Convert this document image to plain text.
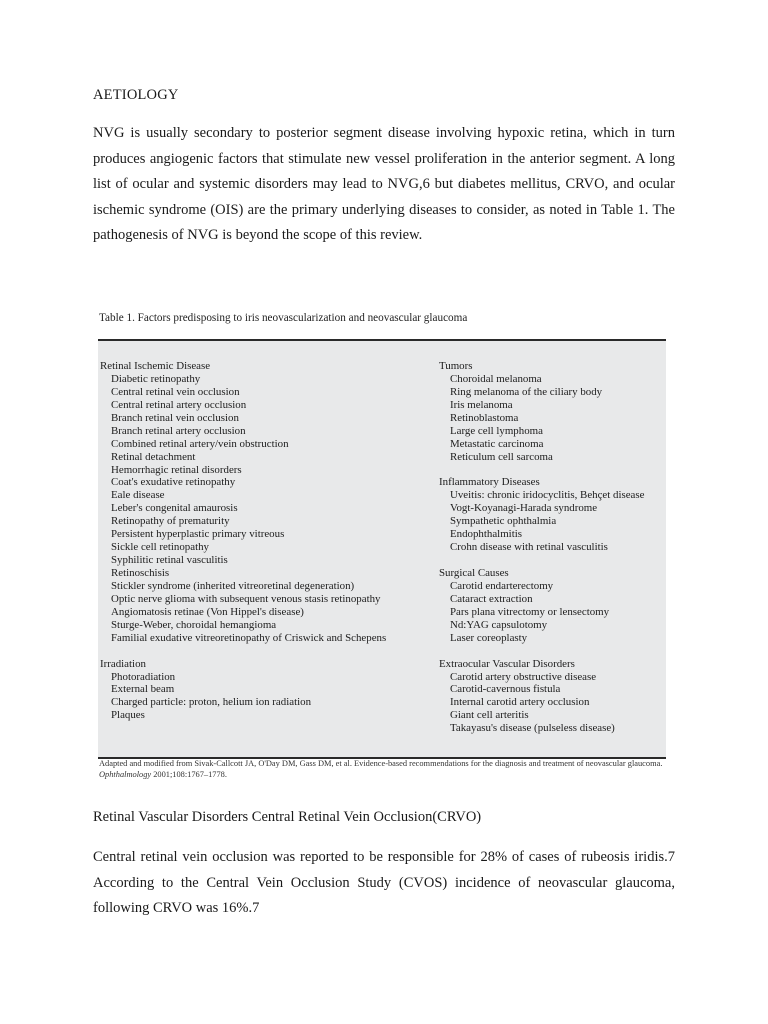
AETIOLOGY

NVG is usually secondary to posterior segment disease involving hypoxic retina, which in turn produces angiogenic factors that stimulate new vessel proliferation in the anterior segment. A long list of ocular and systemic disorders may lead to NVG,6 but diabetes mellitus, CRVO, and ocular ischemic syndrome (OIS) are the primary underlying diseases to consider, as noted in Table 1. The pathogenesis of NVG is beyond the scope of this review.

Table 1. Factors predisposing to iris neovascularization and neovascular glaucoma
Retinal Ischemic Disease
Diabetic retinopathy
Central retinal vein occlusion
Central retinal artery occlusion
Branch retinal vein occlusion
Branch retinal artery occlusion
Combined retinal artery/vein obstruction
Retinal detachment
Hemorrhagic retinal disorders
Coat's exudative retinopathy
Eale disease
Leber's congenital amaurosis
Retinopathy of prematurity
Persistent hyperplastic primary vitreous
Sickle cell retinopathy
Syphilitic retinal vasculitis
Retinoschisis
Stickler syndrome (inherited vitreoretinal degeneration)
Optic nerve glioma with subsequent venous stasis retinopathy
Angiomatosis retinae (Von Hippel's disease)
Sturge-Weber, choroidal hemangioma
Familial exudative vitreoretinopathy of Criswick and Schepens
Irradiation
Photoradiation
External beam
Charged particle: proton, helium ion radiation
Plaques
Tumors
Choroidal melanoma
Ring melanoma of the ciliary body
Iris melanoma
Retinoblastoma
Large cell lymphoma
Metastatic carcinoma
Reticulum cell sarcoma
Inflammatory Diseases
Uveitis: chronic iridocyclitis, Behçet disease
Vogt-Koyanagi-Harada syndrome
Sympathetic ophthalmia
Endophthalmitis
Crohn disease with retinal vasculitis
Surgical Causes
Carotid endarterectomy
Cataract extraction
Pars plana vitrectomy or lensectomy
Nd:YAG capsulotomy
Laser coreoplasty
Extraocular Vascular Disorders
Carotid artery obstructive disease
Carotid-cavernous fistula
Internal carotid artery occlusion
Giant cell arteritis
Takayasu's disease (pulseless disease)
Adapted and modified from Sivak-Callcott JA, O'Day DM, Gass DM, et al. Evidence-based recommendations for the diagnosis and treatment of neovascular glaucoma. Ophthalmology 2001;108:1767–1778.
Retinal Vascular Disorders Central Retinal Vein Occlusion(CRVO)

Central retinal vein occlusion was reported to be responsible for 28% of cases of rubeosis iridis.7 According to the Central Vein Occlusion Study (CVOS) incidence of neovascular glaucoma, following CRVO was 16%.7
